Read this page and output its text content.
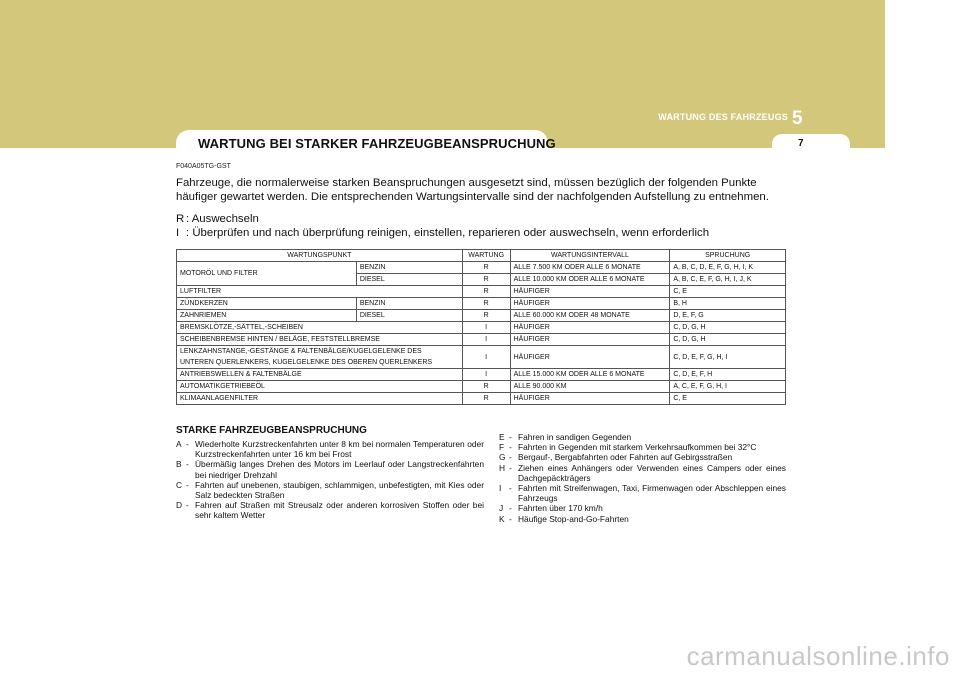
WARTUNG DES FAHRZEUGS 5
7
WARTUNG BEI STARKER FAHRZEUGBEANSPRUCHUNG
F040A05TG-GST
Fahrzeuge, die normalerweise starken Beanspruchungen ausgesetzt sind, müssen bezüglich der folgenden Punkte häufiger gewartet werden. Die entsprechenden Wartungsintervalle sind der nachfolgenden Aufstellung zu entnehmen.
R : Auswechseln
I : Überprüfen und nach überprüfung reinigen, einstellen, reparieren oder auswechseln, wenn erforderlich
WARTUNGSPUNKT		WARTUNG	WARTUNGSINTERVALL	SPRUCHUNG
MOTORÖL UND FILTER	BENZIN	R	ALLE 7.500 KM ODER ALLE 6 MONATE	A, B, C, D, E, F, G, H, I, K
	DIESEL	R	ALLE 10.000 KM ODER ALLE 6 MONATE	A, B, C, E, F, G, H, I, J, K
LUFTFILTER		R	HÄUFIGER	C, E
ZÜNDKERZEN	BENZIN	R	HÄUFIGER	B, H
ZAHNRIEMEN	DIESEL	R	ALLE 60.000 KM ODER 48 MONATE	D, E, F, G
BREMSKLÖTZE,-SÄTTEL,-SCHEIBEN		I	HÄUFIGER	C, D, G, H
SCHEIBENBREMSE HINTEN / BELÄGE, FESTSTELLBREMSE		I	HÄUFIGER	C, D, G, H

LENKZAHNSTANGE,-GESTÄNGE & FALTENBÄLGE/KUGELGELENKE DES
UNTEREN QUERLENKERS, KUGELGELENKE DES OBEREN QUERLENKERS		I	HÄUFIGER	C, D, E, F, G, H, I
ANTRIEBSWELLEN & FALTENBÄLGE		I	ALLE 15.000 KM ODER ALLE 6 MONATE	C, D, E, F, H
AUTOMATIKGETRIEBEÖL		R	ALLE 90.000 KM	A, C, E, F, G, H, I
KLIMAANLAGENFILTER		R	HÄUFIGER	C, E
STARKE FAHRZEUGBEANSPRUCHUNG
A - Wiederholte Kurzstreckenfahrten unter 8 km bei normalen Temperaturen oder Kurzstreckenfahrten unter 16 km bei Frost
B - Übermäßig langes Drehen des Motors im Leerlauf oder Langstreckenfahrten bei niedriger Drehzahl
C - Fahrten auf unebenen, staubigen, schlammigen, unbefestigten, mit Kies oder Salz bedeckten Straßen
D - Fahren auf Straßen mit Streusalz oder anderen korrosiven Stoffen oder bei sehr kaltem Wetter
E - Fahren in sandigen Gegenden
F - Fahrten in Gegenden mit starkem Verkehrsaufkommen bei 32°C
G - Bergauf-, Bergabfahrten oder Fahrten auf Gebirgsstraßen
H - Ziehen eines Anhängers oder Verwenden eines Campers oder eines Dachgepäckträgers
I - Fahrten mit Streifenwagen, Taxi, Firmenwagen oder Abschleppen eines Fahrzeugs
J - Fahrten über 170 km/h
K - Häufige Stop-and-Go-Fahrten
carmanualsonline.info
